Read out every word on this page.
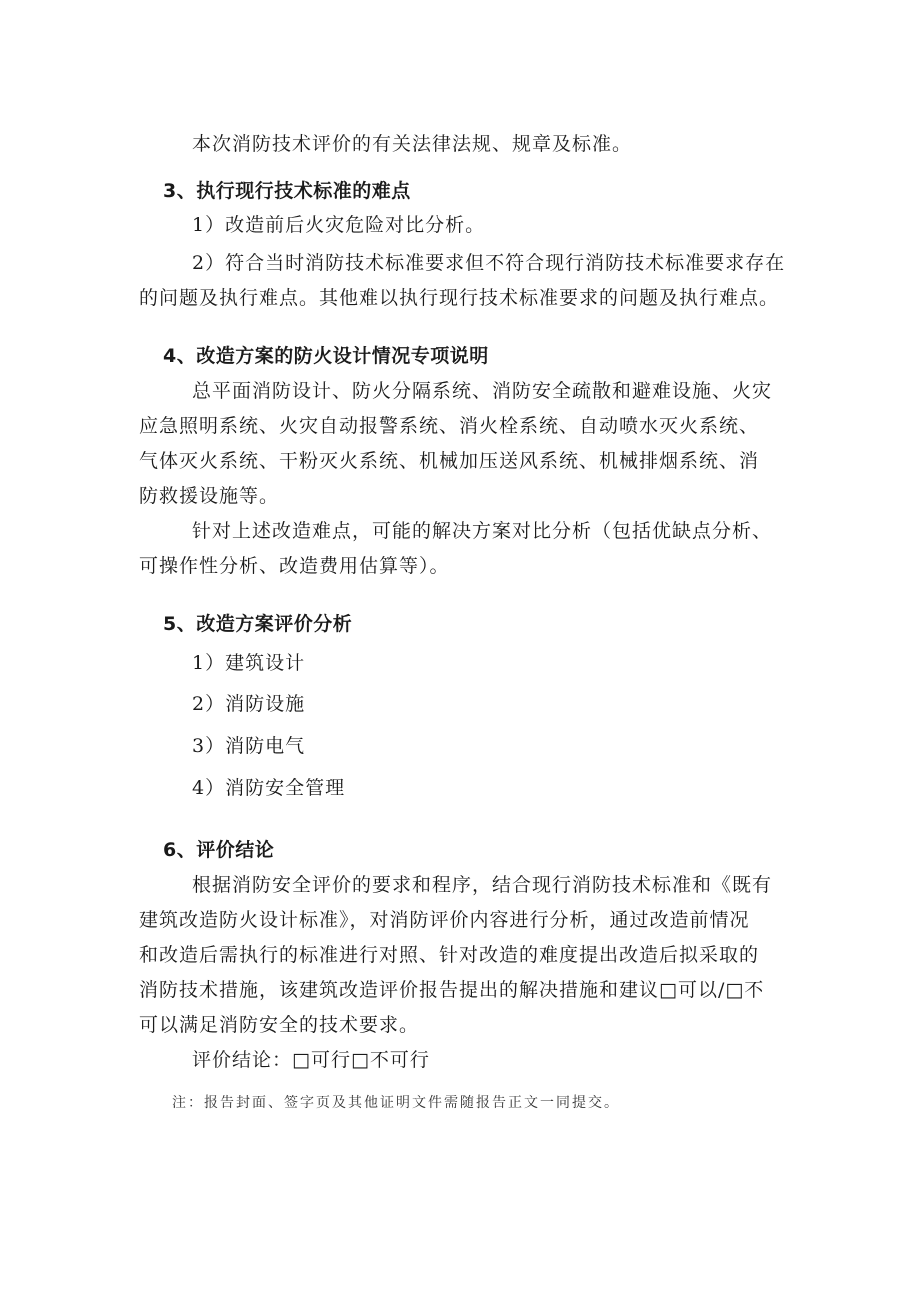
本次消防技术评价的有关法律法规、规章及标准。
3、执行现行技术标准的难点
1）改造前后火灾危险对比分析。
2）符合当时消防技术标准要求但不符合现行消防技术标准要求存在
的问题及执行难点。其他难以执行现行技术标准要求的问题及执行难点。
4、改造方案的防火设计情况专项说明
总平面消防设计、防火分隔系统、消防安全疏散和避难设施、火灾
应急照明系统、火灾自动报警系统、消火栓系统、自动喷水灭火系统、
气体灭火系统、干粉灭火系统、机械加压送风系统、机械排烟系统、消
防救援设施等。
针对上述改造难点，可能的解决方案对比分析（包括优缺点分析、
可操作性分析、改造费用估算等）。
5、改造方案评价分析
1）建筑设计
2）消防设施
3）消防电气
4）消防安全管理
6、评价结论
根据消防安全评价的要求和程序，结合现行消防技术标准和《既有
建筑改造防火设计标准》，对消防评价内容进行分析，通过改造前情况
和改造后需执行的标准进行对照、针对改造的难度提出改造后拟采取的
消防技术措施，该建筑改造评价报告提出的解决措施和建议□可以/□不
可以满足消防安全的技术要求。
评价结论：□可行□不可行
注：报告封面、签字页及其他证明文件需随报告正文一同提交。
